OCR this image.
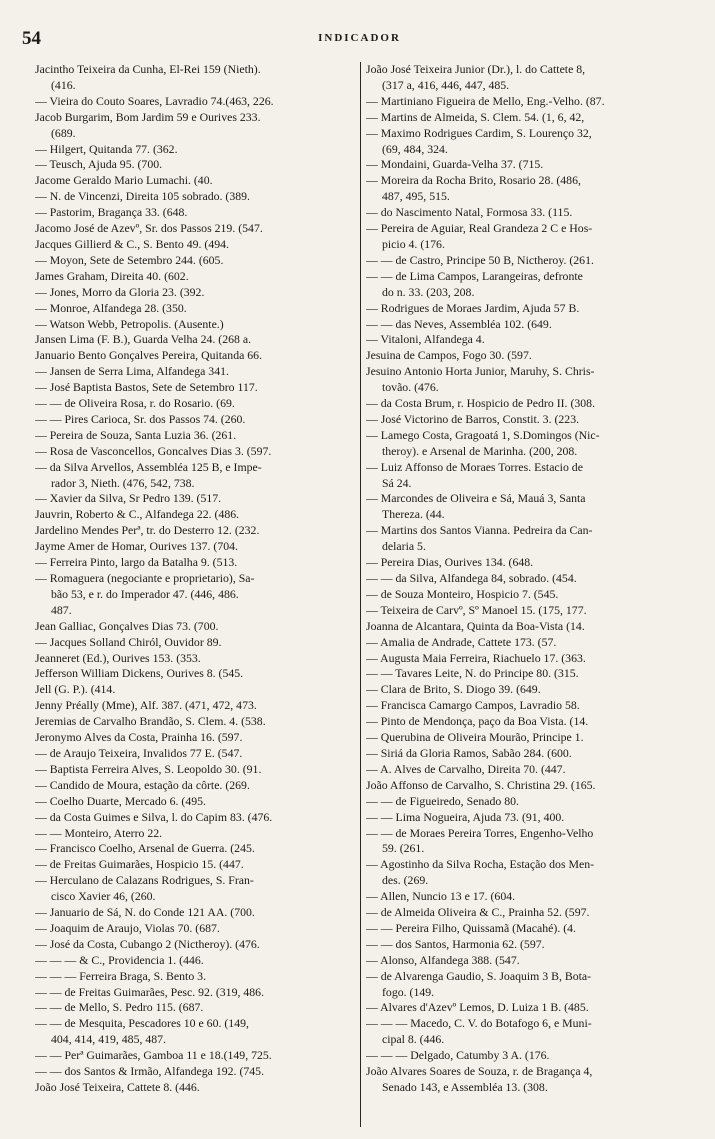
54	INDICADOR
Jacintho Teixeira da Cunha, El-Rei 159 (Nieth).
(416.
— Vieira do Couto Soares, Lavradio 74.(463, 226.
Jacob Burgarim, Bom Jardim 59 e Ourives 233.
(689.
— Hilgert, Quitanda 77. (362.
— Teusch, Ajuda 95. (700.
Jacome Geraldo Mario Lumachi. (40.
— N. de Vincenzi, Direita 105 sobrado. (389.
— Pastorim, Bragança 33. (648.
Jacomo José de Azevº, Sr. dos Passos 219. (547.
Jacques Gillierd & C., S. Bento 49. (494.
— Moyon, Sete de Setembro 244. (605.
James Graham, Direita 40. (602.
— Jones, Morro da Gloria 23. (392.
— Monroe, Alfandega 28. (350.
— Watson Webb, Petropolis. (Ausente.)
Jansen Lima (F. B.), Guarda Velha 24. (268 a.
Januario Bento Gonçalves Pereira, Quitanda 66.
— Jansen de Serra Lima, Alfandega 341.
— José Baptista Bastos, Sete de Setembro 117.
— — de Oliveira Rosa, r. do Rosario. (69.
— — Pires Carioca, Sr. dos Passos 74. (260.
— Pereira de Souza, Santa Luzia 36. (261.
— Rosa de Vasconcellos, Goncalves Dias 3. (597.
— da Silva Arvellos, Assembléa 125 B, e Impe-
rador 3, Nieth. (476, 542, 738.
— Xavier da Silva, Sr Pedro 139. (517.
Jauvrin, Roberto & C., Alfandega 22. (486.
Jardelino Mendes Perª, tr. do Desterro 12. (232.
Jayme Amer de Homar, Ourives 137. (704.
— Ferreira Pinto, largo da Batalha 9. (513.
— Romaguera (negociante e proprietario), Sa-
bão 53, e r. do Imperador 47. (446, 486.
487.
Jean Galliac, Gonçalves Dias 73. (700.
— Jacques Solland Chiról, Ouvidor 89.
Jeanneret (Ed.), Ourives 153. (353.
Jefferson William Dickens, Ourives 8. (545.
Jell (G. P.). (414.
Jenny Préally (Mme), Alf. 387. (471, 472, 473.
Jeremias de Carvalho Brandão, S. Clem. 4. (538.
Jeronymo Alves da Costa, Prainha 16. (597.
— de Araujo Teixeira, Invalidos 77 E. (547.
— Baptista Ferreira Alves, S. Leopoldo 30. (91.
— Candido de Moura, estação da côrte. (269.
— Coelho Duarte, Mercado 6. (495.
— da Costa Guimes e Silva, l. do Capim 83. (476.
— — Monteiro, Aterro 22.
— Francisco Coelho, Arsenal de Guerra. (245.
— de Freitas Guimarães, Hospicio 15. (447.
— Herculano de Calazans Rodrigues, S. Fran-
cisco Xavier 46, (260.
— Januario de Sá, N. do Conde 121 AA. (700.
— Joaquim de Araujo, Violas 70. (687.
— José da Costa, Cubango 2 (Nictheroy). (476.
— — — & C., Providencia 1. (446.
— — — Ferreira Braga, S. Bento 3.
— — de Freitas Guimarães, Pesc. 92. (319, 486.
— — de Mello, S. Pedro 115. (687.
— — de Mesquita, Pescadores 10 e 60. (149,
404, 414, 419, 485, 487.
— — Perª Guimarães, Gamboa 11 e 18.(149, 725.
— — dos Santos & Irmão, Alfandega 192. (745.
João José Teixeira, Cattete 8. (446.
João José Teixeira Junior (Dr.), l. do Cattete 8,
(317 a, 416, 446, 447, 485.
— Martiniano Figueira de Mello, Eng.-Velho. (87.
— Martins de Almeida, S. Clem. 54. (1, 6, 42,
— Maximo Rodrigues Cardim, S. Lourenço 32,
(69, 484, 324.
— Mondaini, Guarda-Velha 37. (715.
— Moreira da Rocha Brito, Rosario 28. (486,
487, 495, 515.
— do Nascimento Natal, Formosa 33. (115.
— Pereira de Aguiar, Real Grandeza 2 C e Hos-
picio 4. (176.
— — de Castro, Principe 50 B, Nictheroy. (261.
— — de Lima Campos, Larangeiras, defronte
do n. 33. (203, 208.
— Rodrigues de Moraes Jardim, Ajuda 57 B.
— — das Neves, Assembléa 102. (649.
— Vitaloni, Alfandega 4.
Jesuina de Campos, Fogo 30. (597.
Jesuino Antonio Horta Junior, Maruhy, S. Chris-
tovão. (476.
— da Costa Brum, r. Hospicio de Pedro II. (308.
— José Victorino de Barros, Constit. 3. (223.
— Lamego Costa, Gragoatá 1, S.Domingos (Nic-
theroy). e Arsenal de Marinha. (200, 208.
— Luiz Affonso de Moraes Torres. Estacio de
Sá 24.
— Marcondes de Oliveira e Sá, Mauá 3, Santa
Thereza. (44.
— Martins dos Santos Vianna. Pedreira da Can-
delaria 5.
— Pereira Dias, Ourives 134. (648.
— — da Silva, Alfandega 84, sobrado. (454.
— de Souza Monteiro, Hospicio 7. (545.
— Teixeira de Carvº, Sº Manoel 15. (175, 177.
Joanna de Alcantara, Quinta da Boa-Vista (14.
— Amalia de Andrade, Cattete 173. (57.
— Augusta Maia Ferreira, Riachuelo 17. (363.
— — Tavares Leite, N. do Principe 80. (315.
— Clara de Brito, S. Diogo 39. (649.
— Francisca Camargo Campos, Lavradio 58.
— Pinto de Mendonça, paço da Boa Vista. (14.
— Querubina de Oliveira Mourão, Principe 1.
— Siriá da Gloria Ramos, Sabão 284. (600.
— A. Alves de Carvalho, Direita 70. (447.
João Affonso de Carvalho, S. Christina 29. (165.
— — de Figueiredo, Senado 80.
— — Lima Nogueira, Ajuda 73. (91, 400.
— — de Moraes Pereira Torres, Engenho-Velho
59. (261.
— Agostinho da Silva Rocha, Estação dos Men-
des. (269.
— Allen, Nuncio 13 e 17. (604.
— de Almeida Oliveira & C., Prainha 52. (597.
— — Pereira Filho, Quissamã (Macahé). (4.
— — dos Santos, Harmonia 62. (597.
— Alonso, Alfandega 388. (547.
— de Alvarenga Gaudio, S. Joaquim 3 B, Bota-
fogo. (149.
— Alvares d'Azevº Lemos, D. Luiza 1 B. (485.
— — — Macedo, C. V. do Botafogo 6, e Muni-
cipal 8. (446.
— — — Delgado, Catumby 3 A. (176.
João Alvares Soares de Souza, r. de Bragança 4,
Senado 143, e Assembléa 13. (308.
